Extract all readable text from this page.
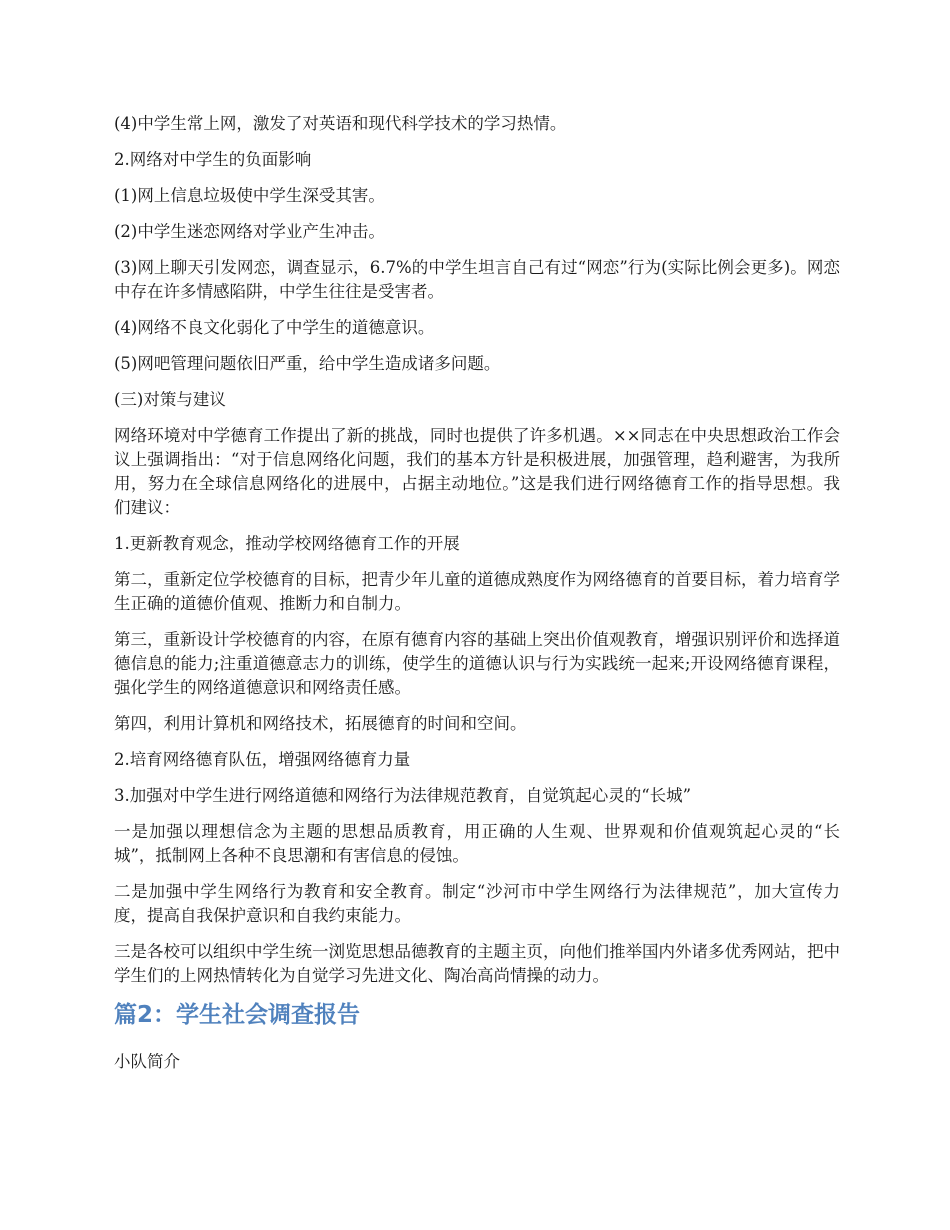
(4)中学生常上网，激发了对英语和现代科学技术的学习热情。

2.网络对中学生的负面影响

(1)网上信息垃圾使中学生深受其害。

(2)中学生迷恋网络对学业产生冲击。

(3)网上聊天引发网恋，调查显示，6.7%的中学生坦言自己有过“网恋”行为(实际比例会更多)。网恋中存在许多情感陷阱，中学生往往是受害者。

(4)网络不良文化弱化了中学生的道德意识。

(5)网吧管理问题依旧严重，给中学生造成诸多问题。

(三)对策与建议

网络环境对中学德育工作提出了新的挑战，同时也提供了许多机遇。××同志在中央思想政治工作会议上强调指出：“对于信息网络化问题，我们的基本方针是积极进展，加强管理，趋利避害，为我所用，努力在全球信息网络化的进展中，占据主动地位。”这是我们进行网络德育工作的指导思想。我们建议：

1.更新教育观念，推动学校网络德育工作的开展

第二，重新定位学校德育的目标，把青少年儿童的道德成熟度作为网络德育的首要目标，着力培育学生正确的道德价值观、推断力和自制力。

第三，重新设计学校德育的内容，在原有德育内容的基础上突出价值观教育，增强识别评价和选择道德信息的能力;注重道德意志力的训练，使学生的道德认识与行为实践统一起来;开设网络德育课程，强化学生的网络道德意识和网络责任感。

第四，利用计算机和网络技术，拓展德育的时间和空间。

2.培育网络德育队伍，增强网络德育力量

3.加强对中学生进行网络道德和网络行为法律规范教育，自觉筑起心灵的“长城”

一是加强以理想信念为主题的思想品质教育，用正确的人生观、世界观和价值观筑起心灵的“长城”，抵制网上各种不良思潮和有害信息的侵蚀。

二是加强中学生网络行为教育和安全教育。制定“沙河市中学生网络行为法律规范”，加大宣传力度，提高自我保护意识和自我约束能力。

三是各校可以组织中学生统一浏览思想品德教育的主题主页，向他们推举国内外诸多优秀网站，把中学生们的上网热情转化为自觉学习先进文化、陶冶高尚情操的动力。

篇2：学生社会调查报告

小队简介
